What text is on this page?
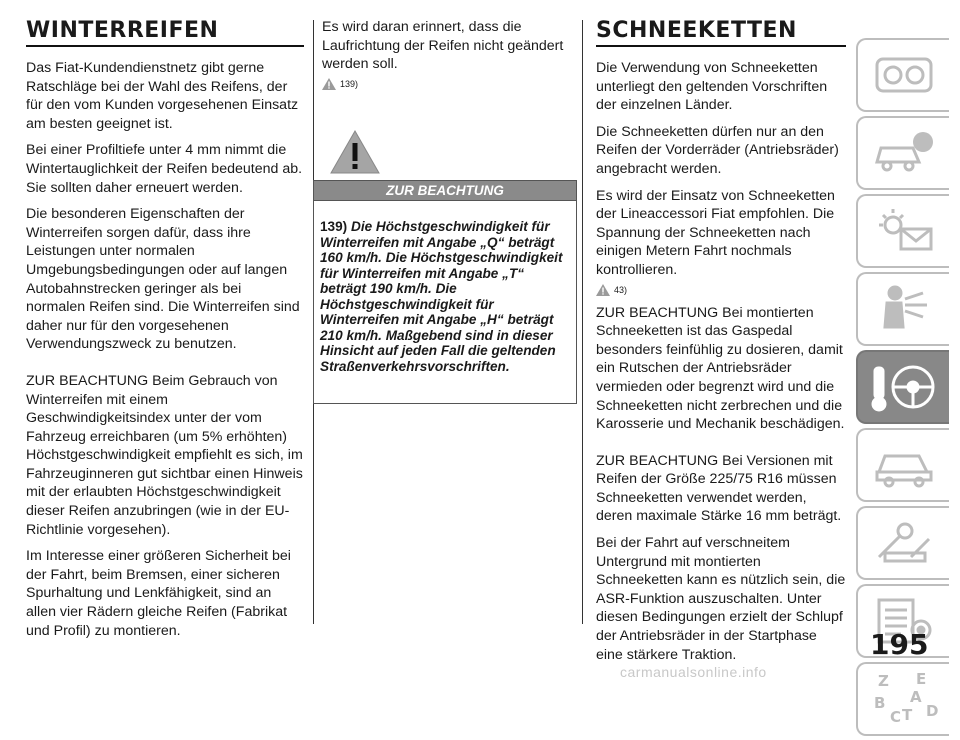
WINTERREIFEN

Das Fiat-Kundendienstnetz gibt gerne Ratschläge bei der Wahl des Reifens, der für den vom Kunden vorgesehenen Einsatz am besten geeignet ist.

Bei einer Profiltiefe unter 4 mm nimmt die Wintertauglichkeit der Reifen bedeutend ab. Sie sollten daher erneuert werden.

Die besonderen Eigenschaften der Winterreifen sorgen dafür, dass ihre Leistungen unter normalen Umgebungsbedingungen oder auf langen Autobahnstrecken geringer als bei normalen Reifen sind. Die Winterreifen sind daher nur für den vorgesehenen Verwendungszweck zu benutzen.

ZUR BEACHTUNG Beim Gebrauch von Winterreifen mit einem Geschwindigkeitsindex unter der vom Fahrzeug erreichbaren (um 5% erhöhten) Höchstgeschwindigkeit empfiehlt es sich, im Fahrzeuginneren gut sichtbar einen Hinweis mit der erlaubten Höchstgeschwindigkeit dieser Reifen anzubringen (wie in der EU-Richtlinie vorgesehen).

Im Interesse einer größeren Sicherheit bei der Fahrt, beim Bremsen, einer sicheren Spurhaltung und Lenkfähigkeit, sind an allen vier Rädern gleiche Reifen (Fabrikat und Profil) zu montieren.

Es wird daran erinnert, dass die Laufrichtung der Reifen nicht geändert werden soll.

139)
ZUR BEACHTUNG
139) Die Höchstgeschwindigkeit für Winterreifen mit Angabe „Q“ beträgt 160 km/h. Die Höchstgeschwindigkeit für Winterreifen mit Angabe „T“ beträgt 190 km/h. Die Höchstgeschwindigkeit für Winterreifen mit Angabe „H“ beträgt 210 km/h. Maßgebend sind in dieser Hinsicht auf jeden Fall die geltenden Straßenverkehrsvorschriften.
SCHNEEKETTEN

Die Verwendung von Schneeketten unterliegt den geltenden Vorschriften der einzelnen Länder.

Die Schneeketten dürfen nur an den Reifen der Vorderräder (Antriebsräder) angebracht werden.

Es wird der Einsatz von Schneeketten der Lineaccessori Fiat empfohlen. Die Spannung der Schneeketten nach einigen Metern Fahrt nochmals kontrollieren.

43)

ZUR BEACHTUNG Bei montierten Schneeketten ist das Gaspedal besonders feinfühlig zu dosieren, damit ein Rutschen der Antriebsräder vermieden oder begrenzt wird und die Schneeketten nicht zerbrechen und die Karosserie und Mechanik beschädigen.

ZUR BEACHTUNG Bei Versionen mit Reifen der Größe 225/75 R16 müssen Schneeketten verwendet werden, deren maximale Stärke 16 mm beträgt.

Bei der Fahrt auf verschneitem Untergrund mit montierten Schneeketten kann es nützlich sein, die ASR-Funktion auszuschalten. Unter diesen Bedingungen erzielt der Schlupf der Antriebsräder in der Startphase eine stärkere Traktion.

Z E
A
B
C T D
195
carmanualsonline.info
